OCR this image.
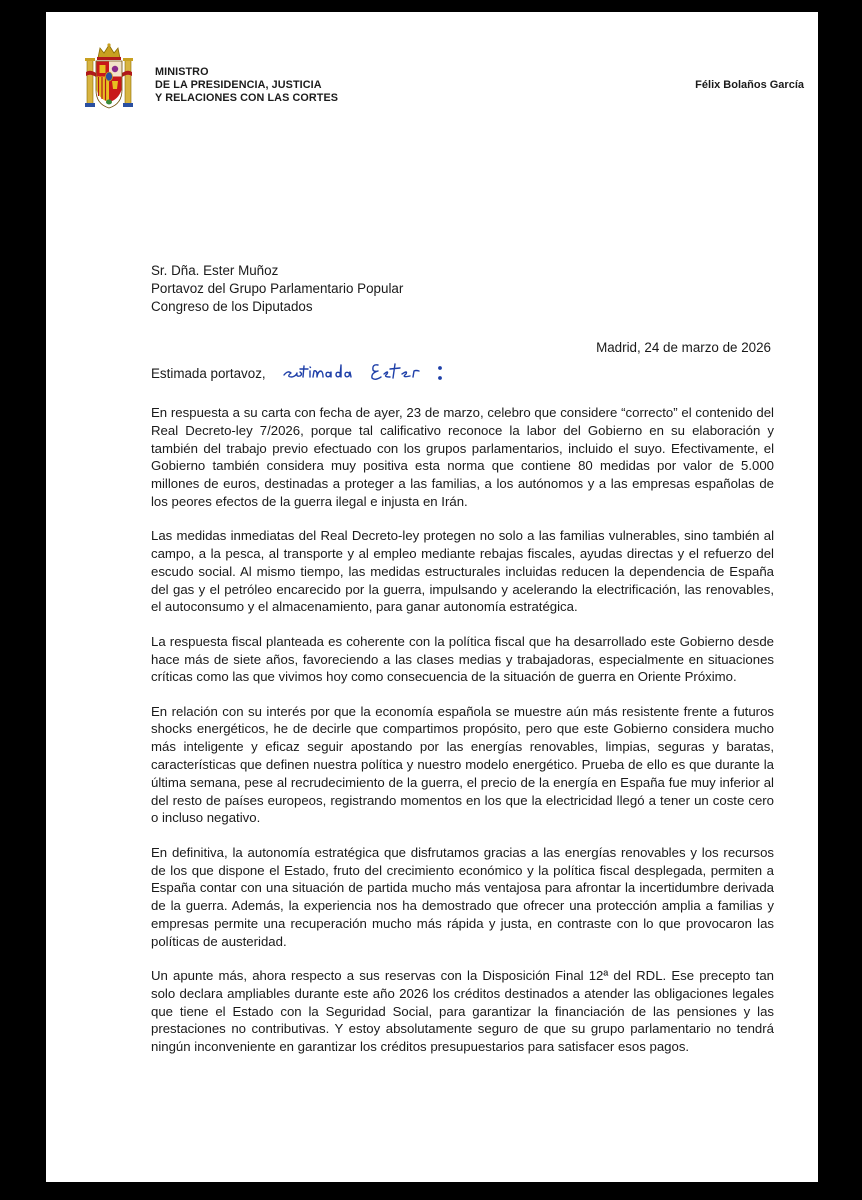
MINISTRO
DE LA PRESIDENCIA, JUSTICIA
Y RELACIONES CON LAS CORTES
Félix Bolaños García
Sr. Dña. Ester Muñoz
Portavoz del Grupo Parlamentario Popular
Congreso de los Diputados
Madrid, 24 de marzo de 2026
Estimada portavoz,

En respuesta a su carta con fecha de ayer, 23 de marzo, celebro que considere “correcto” el contenido del Real Decreto-ley 7/2026, porque tal calificativo reconoce la labor del Gobierno en su elaboración y también del trabajo previo efectuado con los grupos parlamentarios, incluido el suyo. Efectivamente, el Gobierno también considera muy positiva esta norma que contiene 80 medidas por valor de 5.000 millones de euros, destinadas a proteger a las familias, a los autónomos y a las empresas españolas de los peores efectos de la guerra ilegal e injusta en Irán.

Las medidas inmediatas del Real Decreto-ley protegen no solo a las familias vulnerables, sino también al campo, a la pesca, al transporte y al empleo mediante rebajas fiscales, ayudas directas y el refuerzo del escudo social. Al mismo tiempo, las medidas estructurales incluidas reducen la dependencia de España del gas y el petróleo encarecido por la guerra, impulsando y acelerando la electrificación, las renovables, el autoconsumo y el almacenamiento, para ganar autonomía estratégica.

La respuesta fiscal planteada es coherente con la política fiscal que ha desarrollado este Gobierno desde hace más de siete años, favoreciendo a las clases medias y trabajadoras, especialmente en situaciones críticas como las que vivimos hoy como consecuencia de la situación de guerra en Oriente Próximo.

En relación con su interés por que la economía española se muestre aún más resistente frente a futuros shocks energéticos, he de decirle que compartimos propósito, pero que este Gobierno considera mucho más inteligente y eficaz seguir apostando por las energías renovables, limpias, seguras y baratas, características que definen nuestra política y nuestro modelo energético. Prueba de ello es que durante la última semana, pese al recrudecimiento de la guerra, el precio de la energía en España fue muy inferior al del resto de países europeos, registrando momentos en los que la electricidad llegó a tener un coste cero o incluso negativo.

En definitiva, la autonomía estratégica que disfrutamos gracias a las energías renovables y los recursos de los que dispone el Estado, fruto del crecimiento económico y la política fiscal desplegada, permiten a España contar con una situación de partida mucho más ventajosa para afrontar la incertidumbre derivada de la guerra. Además, la experiencia nos ha demostrado que ofrecer una protección amplia a familias y empresas permite una recuperación mucho más rápida y justa, en contraste con lo que provocaron las políticas de austeridad.

Un apunte más, ahora respecto a sus reservas con la Disposición Final 12ª del RDL. Ese precepto tan solo declara ampliables durante este año 2026 los créditos destinados a atender las obligaciones legales que tiene el Estado con la Seguridad Social, para garantizar la financiación de las pensiones y las prestaciones no contributivas. Y estoy absolutamente seguro de que su grupo parlamentario no tendrá ningún inconveniente en garantizar los créditos presupuestarios para satisfacer esos pagos.
